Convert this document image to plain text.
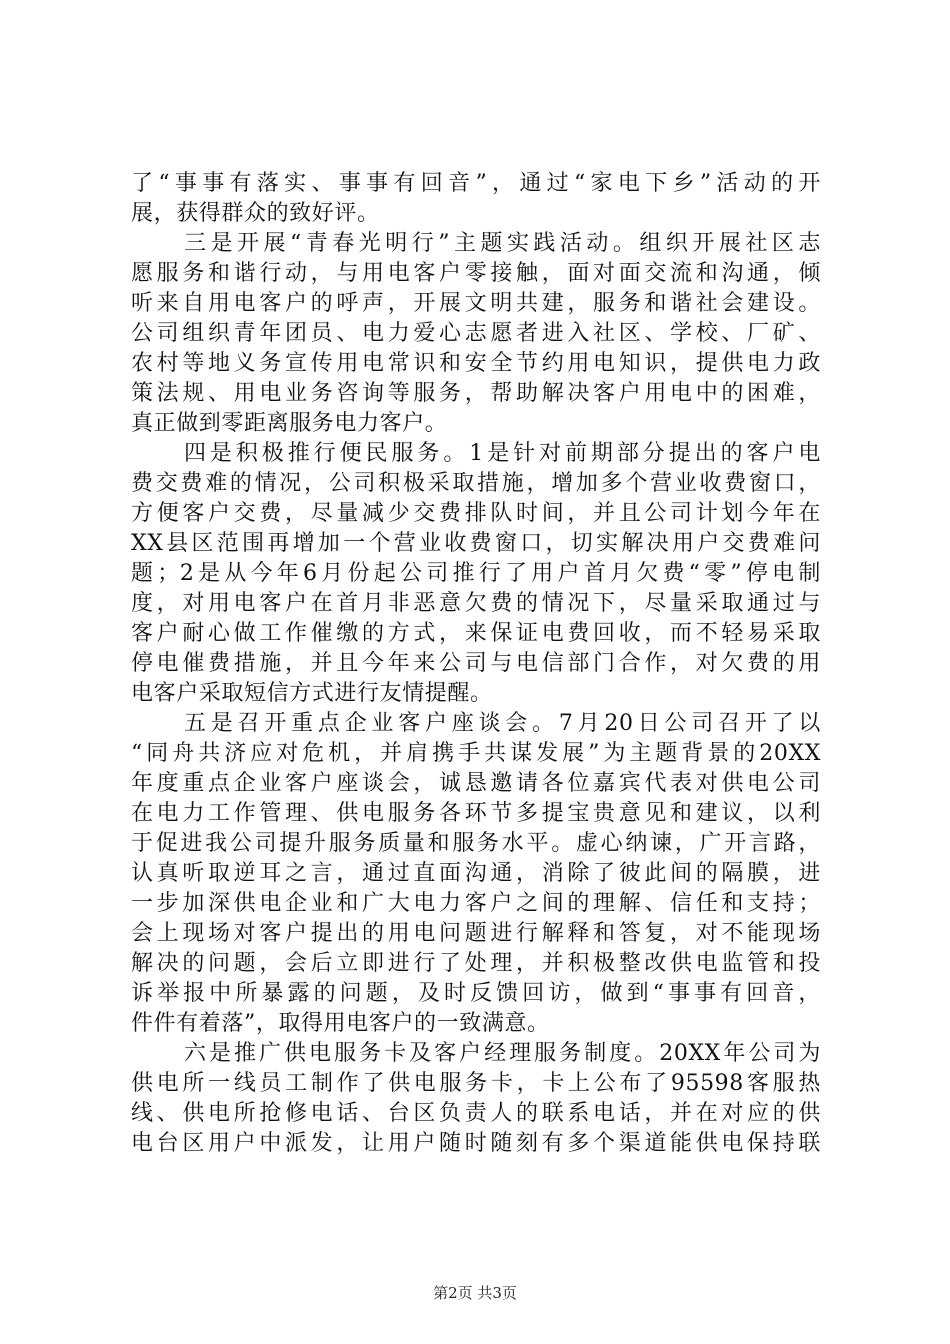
了“事事有落实、事事有回音”，通过“家电下乡”活动的开
展，获得群众的致好评。
三是开展“青春光明行”主题实践活动。组织开展社区志
愿服务和谐行动，与用电客户零接触，面对面交流和沟通，倾
听来自用电客户的呼声，开展文明共建，服务和谐社会建设。
公司组织青年团员、电力爱心志愿者进入社区、学校、厂矿、
农村等地义务宣传用电常识和安全节约用电知识，提供电力政
策法规、用电业务咨询等服务，帮助解决客户用电中的困难，
真正做到零距离服务电力客户。
四是积极推行便民服务。1是针对前期部分提出的客户电
费交费难的情况，公司积极采取措施，增加多个营业收费窗口，
方便客户交费，尽量减少交费排队时间，并且公司计划今年在
XX县区范围再增加一个营业收费窗口，切实解决用户交费难问
题；2是从今年6月份起公司推行了用户首月欠费“零”停电制
度，对用电客户在首月非恶意欠费的情况下，尽量采取通过与
客户耐心做工作催缴的方式，来保证电费回收，而不轻易采取
停电催费措施，并且今年来公司与电信部门合作，对欠费的用
电客户采取短信方式进行友情提醒。
五是召开重点企业客户座谈会。7月20日公司召开了以
“同舟共济应对危机，并肩携手共谋发展”为主题背景的20XX
年度重点企业客户座谈会，诚恳邀请各位嘉宾代表对供电公司
在电力工作管理、供电服务各环节多提宝贵意见和建议，以利
于促进我公司提升服务质量和服务水平。虚心纳谏，广开言路，
认真听取逆耳之言，通过直面沟通，消除了彼此间的隔膜，进
一步加深供电企业和广大电力客户之间的理解、信任和支持；
会上现场对客户提出的用电问题进行解释和答复，对不能现场
解决的问题，会后立即进行了处理，并积极整改供电监管和投
诉举报中所暴露的问题，及时反馈回访，做到“事事有回音，
件件有着落”，取得用电客户的一致满意。
六是推广供电服务卡及客户经理服务制度。20XX年公司为
供电所一线员工制作了供电服务卡，卡上公布了95598客服热
线、供电所抢修电话、台区负责人的联系电话，并在对应的供
电台区用户中派发，让用户随时随刻有多个渠道能供电保持联
第2页 共3页
